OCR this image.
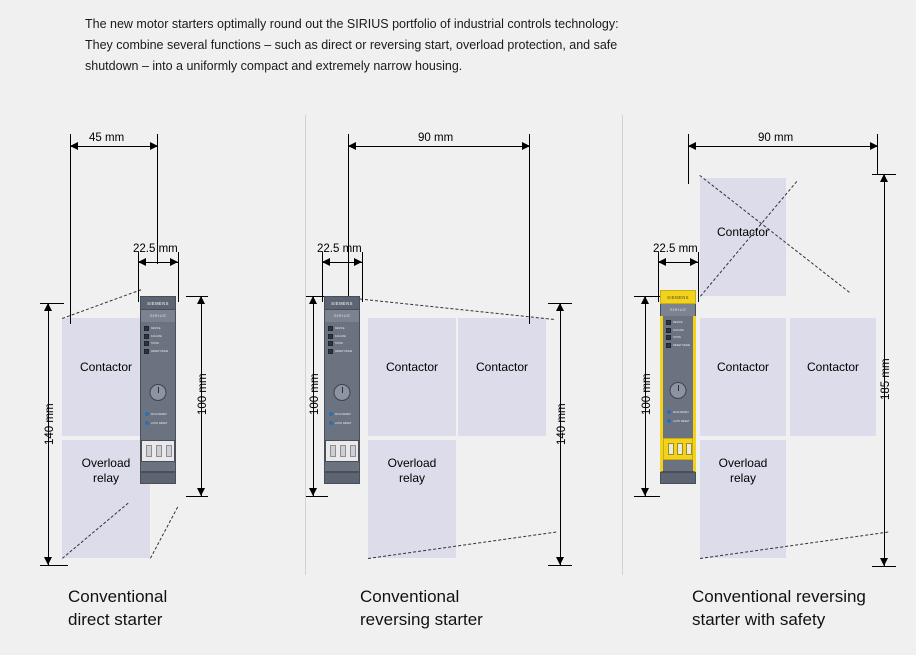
The new motor starters optimally round out the SIRIUS portfolio of industrial controls technology:
They combine several functions – such as direct or reversing start, overload protection, and safe
shutdown – into a uniformly compact and extremely narrow housing.
45 mm
22.5 mm
140 mm
100 mm
Contactor
Overload
relay
SIEMENS
SIRIUS
DEVICE
FAILURE
STATE
RESET MODE
MAN./RESET
AUTO RESET
Conventional
direct starter
90 mm
22.5 mm
100 mm
140 mm
Contactor	Contactor
Overload
relay
SIEMENS
SIRIUS
DEVICE
FAILURE
STATE
RESET MODE
MAN./RESET
AUTO RESET
Conventional
reversing starter
90 mm
22.5 mm
100 mm	185 mm
Contactor
Contactor	Contactor
Overload
relay
SIEMENS
SIRIUS
DEVICE
FAILURE
STATE
RESET MODE
MAN./RESET
AUTO RESET
Conventional reversing
starter with safety
